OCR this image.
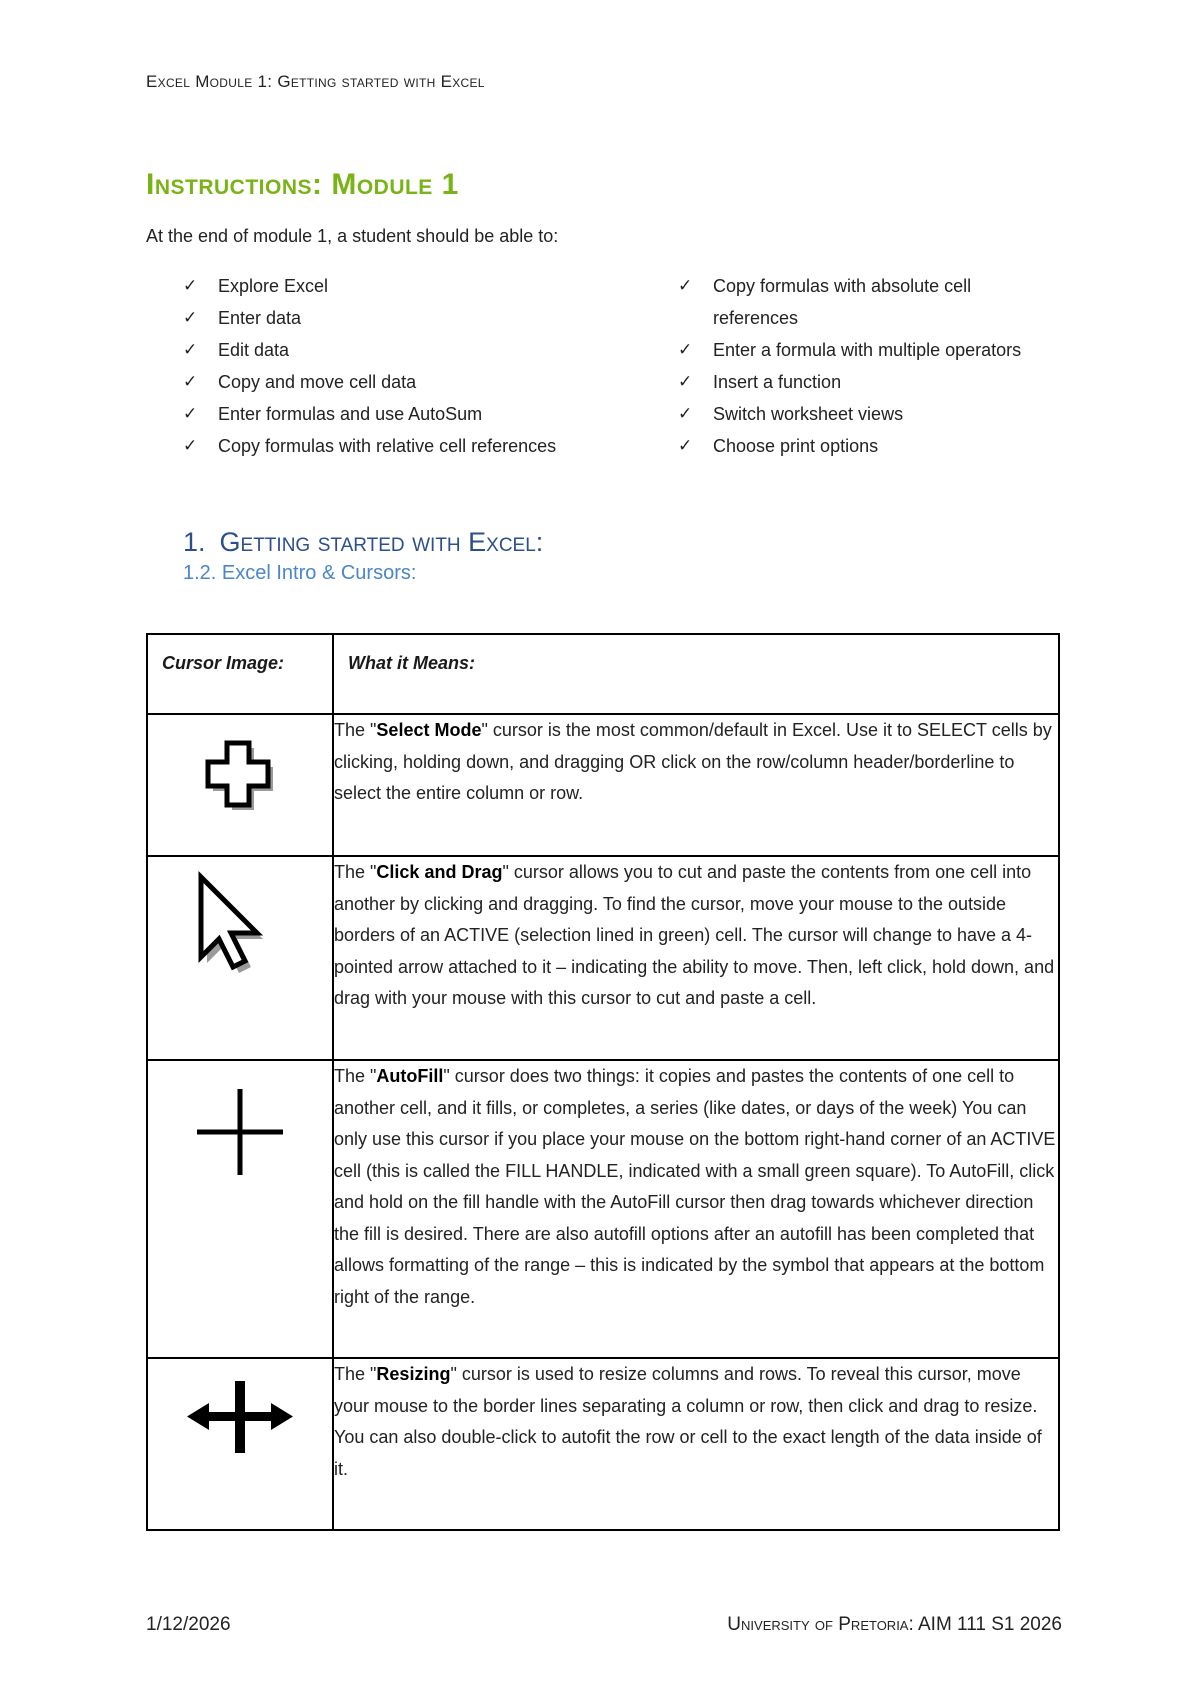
Excel Module 1: Getting started with Excel
Instructions: Module 1
At the end of module 1, a student should be able to:
✓ Explore Excel
✓ Enter data
✓ Edit data
✓ Copy and move cell data
✓ Enter formulas and use AutoSum
✓ Copy formulas with relative cell references
✓ Copy formulas with absolute cell references
✓ Enter a formula with multiple operators
✓ Insert a function
✓ Switch worksheet views
✓ Choose print options
1. Getting started with Excel:
1.2. Excel Intro & Cursors:
Cursor Image:	What it Means:

	The "Select Mode" cursor is the most common/default in Excel. Use it to SELECT cells by clicking, holding down, and dragging OR click on the row/column header/borderline to select the entire column or row.

	The "Click and Drag" cursor allows you to cut and paste the contents from one cell into another by clicking and dragging. To find the cursor, move your mouse to the outside borders of an ACTIVE (selection lined in green) cell. The cursor will change to have a 4-pointed arrow attached to it – indicating the ability to move. Then, left click, hold down, and drag with your mouse with this cursor to cut and paste a cell.

	The "AutoFill" cursor does two things: it copies and pastes the contents of one cell to another cell, and it fills, or completes, a series (like dates, or days of the week) You can only use this cursor if you place your mouse on the bottom right-hand corner of an ACTIVE cell (this is called the FILL HANDLE, indicated with a small green square). To AutoFill, click and hold on the fill handle with the AutoFill cursor then drag towards whichever direction the fill is desired. There are also autofill options after an autofill has been completed that allows formatting of the range – this is indicated by the symbol that appears at the bottom right of the range.

	The "Resizing" cursor is used to resize columns and rows. To reveal this cursor, move your mouse to the border lines separating a column or row, then click and drag to resize. You can also double-click to autofit the row or cell to the exact length of the data inside of it.
1/12/2026	University of Pretoria: AIM 111 S1 2026
